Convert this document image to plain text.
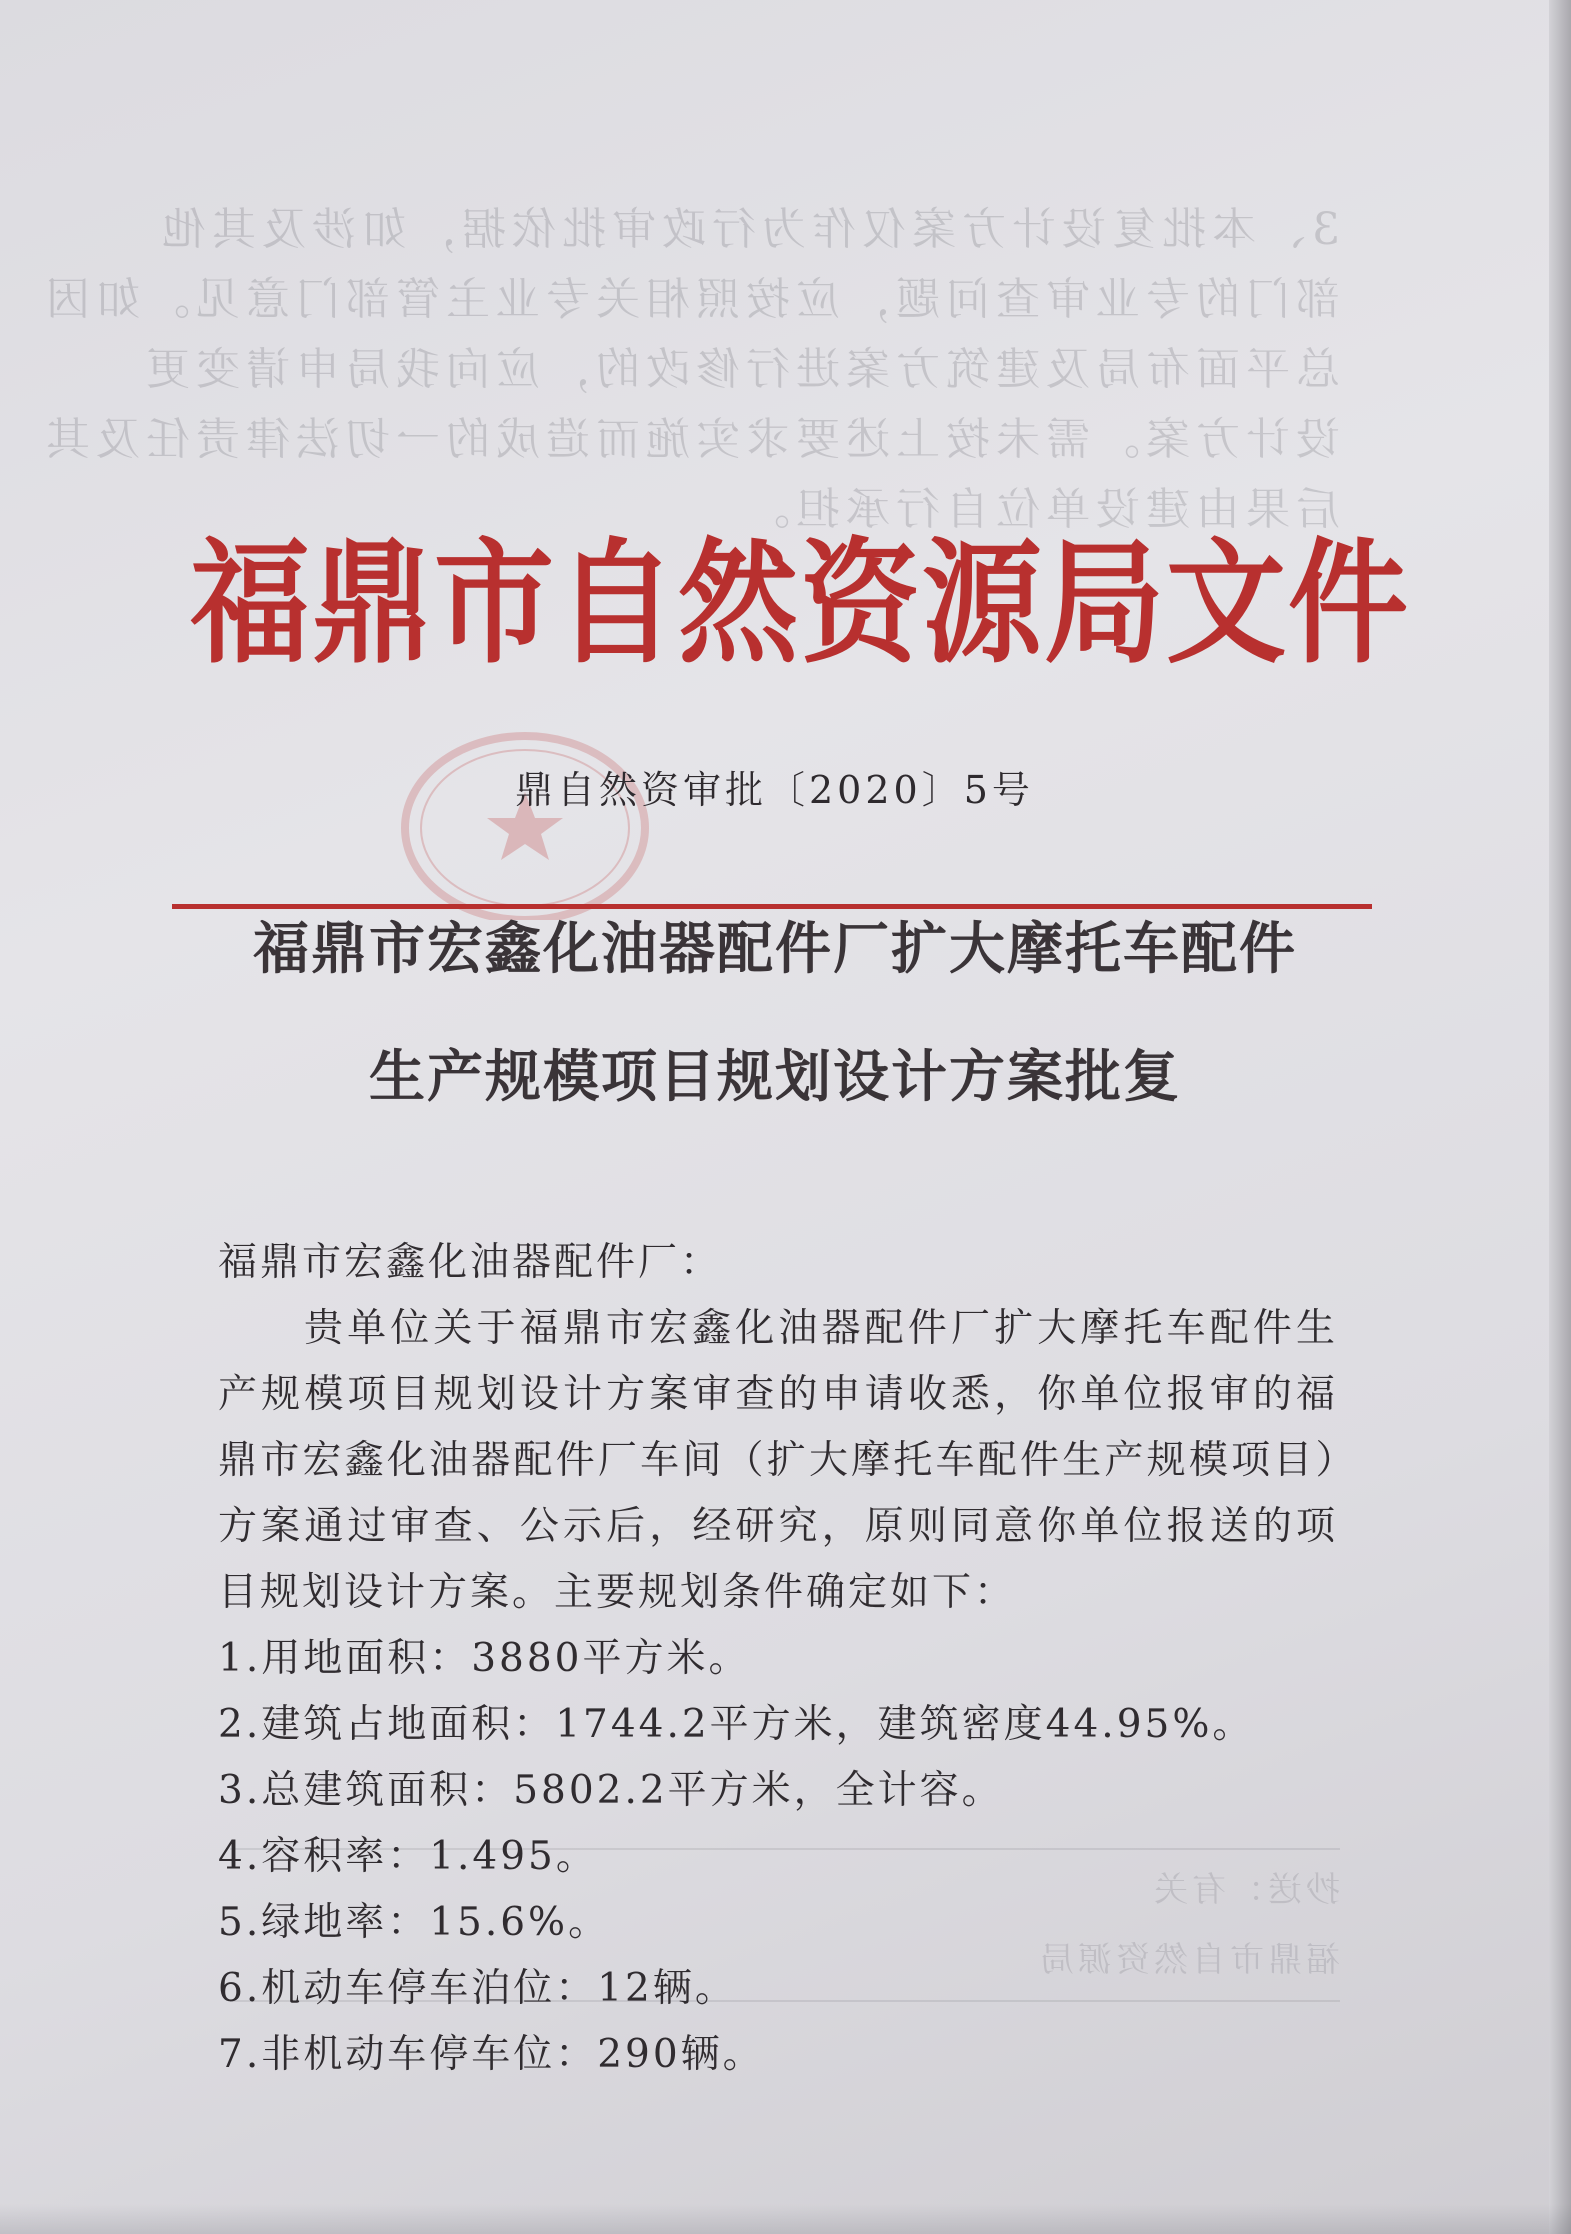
3、本批复设计方案仅作为行政审批依据，如涉及其他
部门的专业审查问题，应按照相关专业主管部门意见。如因
总平面布局及建筑方案进行修改的，应向我局申请变更
设计方案。需未按上述要求实施而造成的一切法律责任及其
后果由建设单位自行承担。
抄送：有关
福鼎市自然资源局
福鼎市自然资源局文件
鼎自然资审批〔2020〕5号
福鼎市宏鑫化油器配件厂扩大摩托车配件
生产规模项目规划设计方案批复

福鼎市宏鑫化油器配件厂：

贵单位关于福鼎市宏鑫化油器配件厂扩大摩托车配件生产规模项目规划设计方案审查的申请收悉，你单位报审的福鼎市宏鑫化油器配件厂车间（扩大摩托车配件生产规模项目）方案通过审查、公示后，经研究，原则同意你单位报送的项目规划设计方案。主要规划条件确定如下：

1.用地面积：3880平方米。

2.建筑占地面积：1744.2平方米，建筑密度44.95%。

3.总建筑面积：5802.2平方米，全计容。

4.容积率：1.495。

5.绿地率：15.6%。

6.机动车停车泊位：12辆。

7.非机动车停车位：290辆。
